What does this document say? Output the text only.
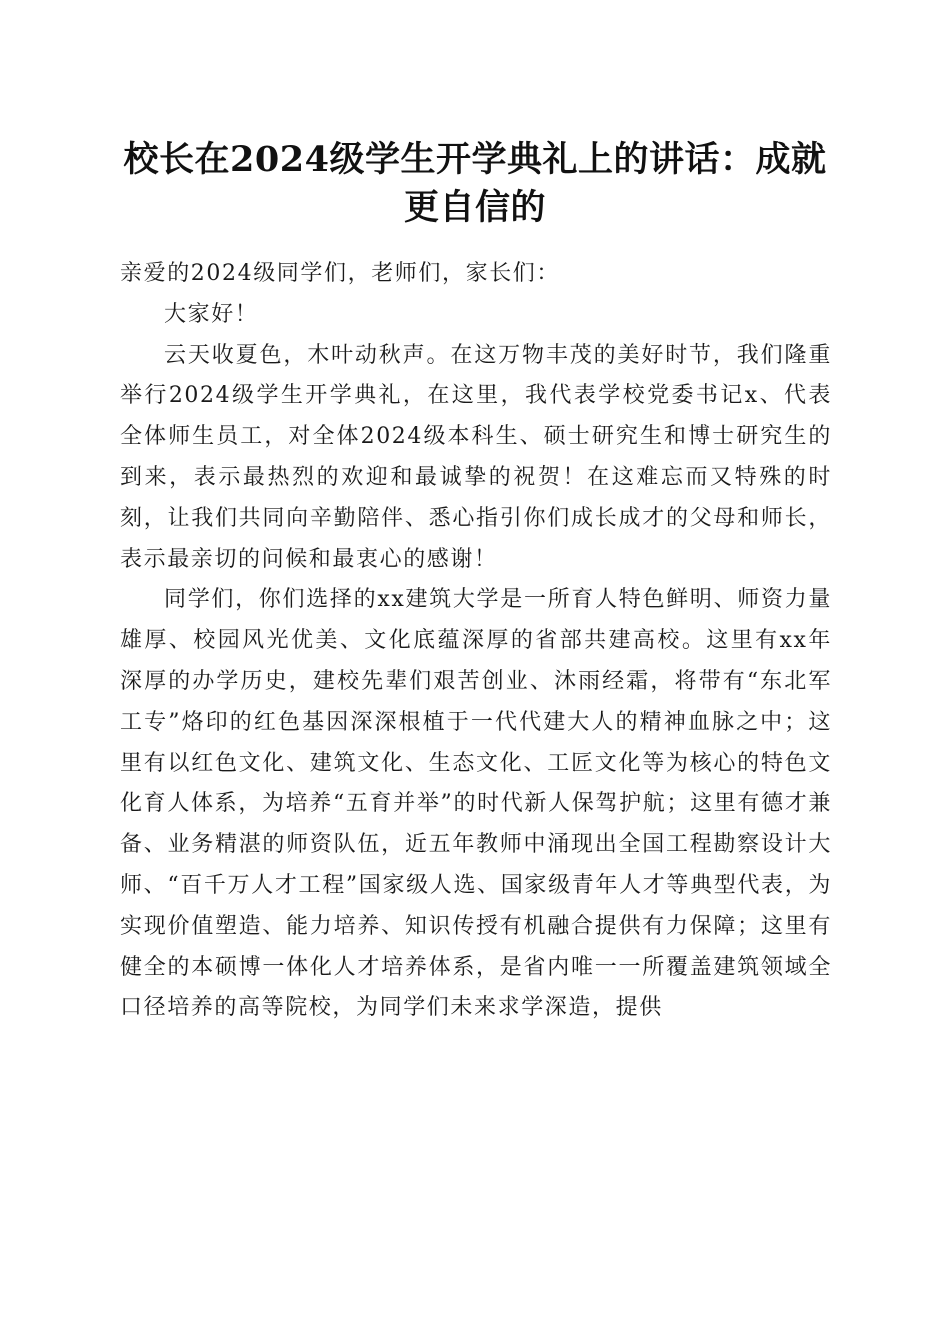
校长在2024级学生开学典礼上的讲话：成就更自信的

亲爱的2024级同学们，老师们，家长们：

大家好！

云天收夏色，木叶动秋声。在这万物丰茂的美好时节，我们隆重举行2024级学生开学典礼，在这里，我代表学校党委书记x、代表全体师生员工，对全体2024级本科生、硕士研究生和博士研究生的到来，表示最热烈的欢迎和最诚挚的祝贺！在这难忘而又特殊的时刻，让我们共同向辛勤陪伴、悉心指引你们成长成才的父母和师长，表示最亲切的问候和最衷心的感谢！

同学们，你们选择的xx建筑大学是一所育人特色鲜明、师资力量雄厚、校园风光优美、文化底蕴深厚的省部共建高校。这里有xx年深厚的办学历史，建校先辈们艰苦创业、沐雨经霜，将带有“东北军工专”烙印的红色基因深深根植于一代代建大人的精神血脉之中；这里有以红色文化、建筑文化、生态文化、工匠文化等为核心的特色文化育人体系，为培养“五育并举”的时代新人保驾护航；这里有德才兼备、业务精湛的师资队伍，近五年教师中涌现出全国工程勘察设计大师、“百千万人才工程”国家级人选、国家级青年人才等典型代表，为实现价值塑造、能力培养、知识传授有机融合提供有力保障；这里有健全的本硕博一体化人才培养体系，是省内唯一一所覆盖建筑领域全口径培养的高等院校，为同学们未来求学深造，提供
